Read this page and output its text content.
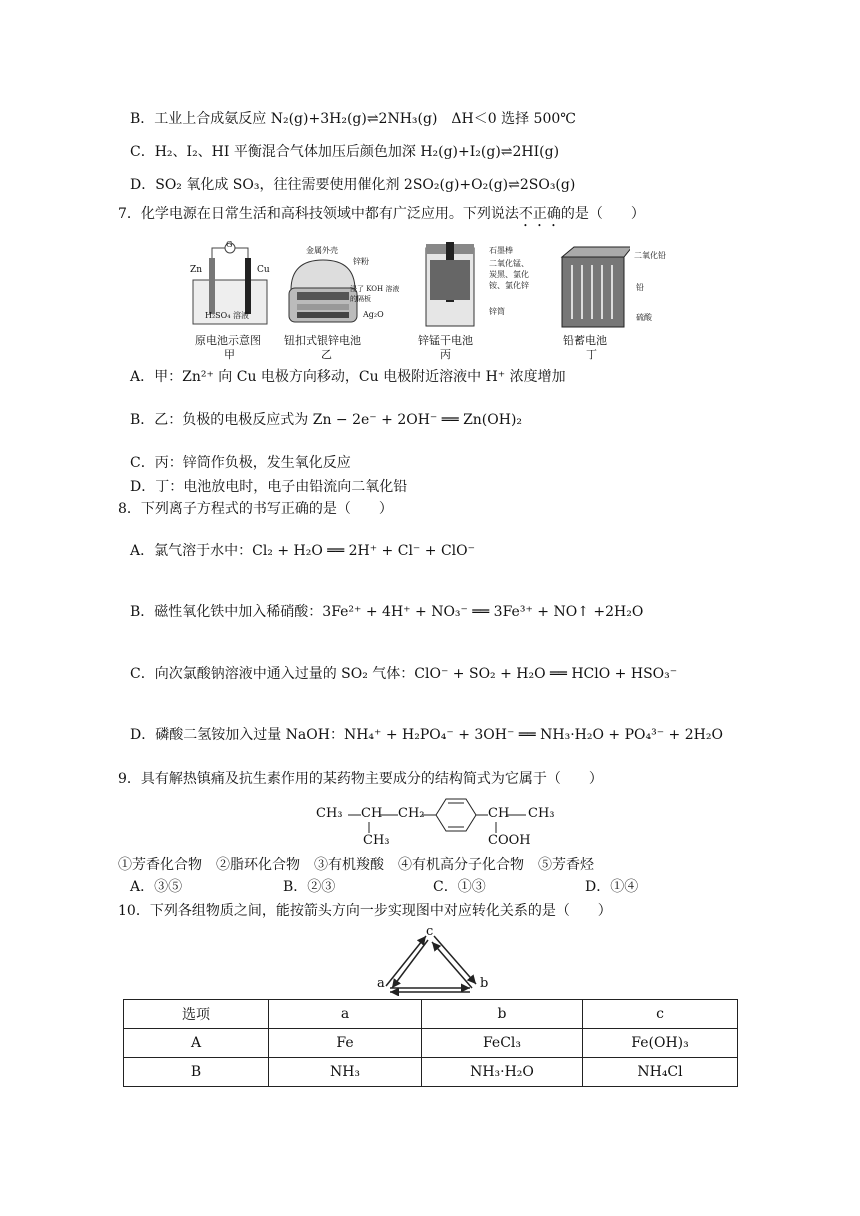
B．工业上合成氨反应 N₂(g)+3H₂(g)⇌2NH₃(g)　ΔH＜0 选择 500℃
C．H₂、I₂、HI 平衡混合气体加压后颜色加深 H₂(g)+I₂(g)⇌2HI(g)
D．SO₂ 氧化成 SO₃，往往需要使用催化剂 2SO₂(g)+O₂(g)⇌2SO₃(g)
7．化学电源在日常生活和高科技领域中都有广泛应用。下列说法不正确的是（　　）
G
Zn	Cu
H₂SO₄ 溶液
原电池示意图
甲
金属外壳
锌粉
浸了 KOH 溶液的隔板
Ag₂O
钮扣式银锌电池
乙
石墨棒
二氧化锰、
炭黑、氯化
铵、氯化锌
锌筒
锌锰干电池
丙
二氧化铅
铅
硫酸
铅蓄电池
丁
A．甲：Zn²⁺ 向 Cu 电极方向移动，Cu 电极附近溶液中 H⁺ 浓度增加
B．乙：负极的电极反应式为 Zn − 2e⁻ + 2OH⁻ ══ Zn(OH)₂
C．丙：锌筒作负极，发生氧化反应
D．丁：电池放电时，电子由铅流向二氧化铅
8．下列离子方程式的书写正确的是（　　）
A．氯气溶于水中：Cl₂ + H₂O ══ 2H⁺ + Cl⁻ + ClO⁻
B．磁性氧化铁中加入稀硝酸：3Fe²⁺ + 4H⁺ + NO₃⁻ ══ 3Fe³⁺ + NO↑ +2H₂O
C．向次氯酸钠溶液中通入过量的 SO₂ 气体：ClO⁻ + SO₂ + H₂O ══ HClO + HSO₃⁻
D．磷酸二氢铵加入过量 NaOH：NH₄⁺ + H₂PO₄⁻ + 3OH⁻ ══ NH₃·H₂O + PO₄³⁻ + 2H₂O
9．具有解热镇痛及抗生素作用的某药物主要成分的结构简式为它属于（　　）
CH₃ CH CH₂	CH CH₃
CH₃	COOH
①芳香化合物　②脂环化合物　③有机羧酸　④有机高分子化合物　⑤芳香烃
A．③⑤	B．②③	C．①③	D．①④
10．下列各组物质之间，能按箭头方向一步实现图中对应转化关系的是（　　）
c
a	b
选项	a	b	c
A	Fe	FeCl₃	Fe(OH)₃
B	NH₃	NH₃·H₂O	NH₄Cl
